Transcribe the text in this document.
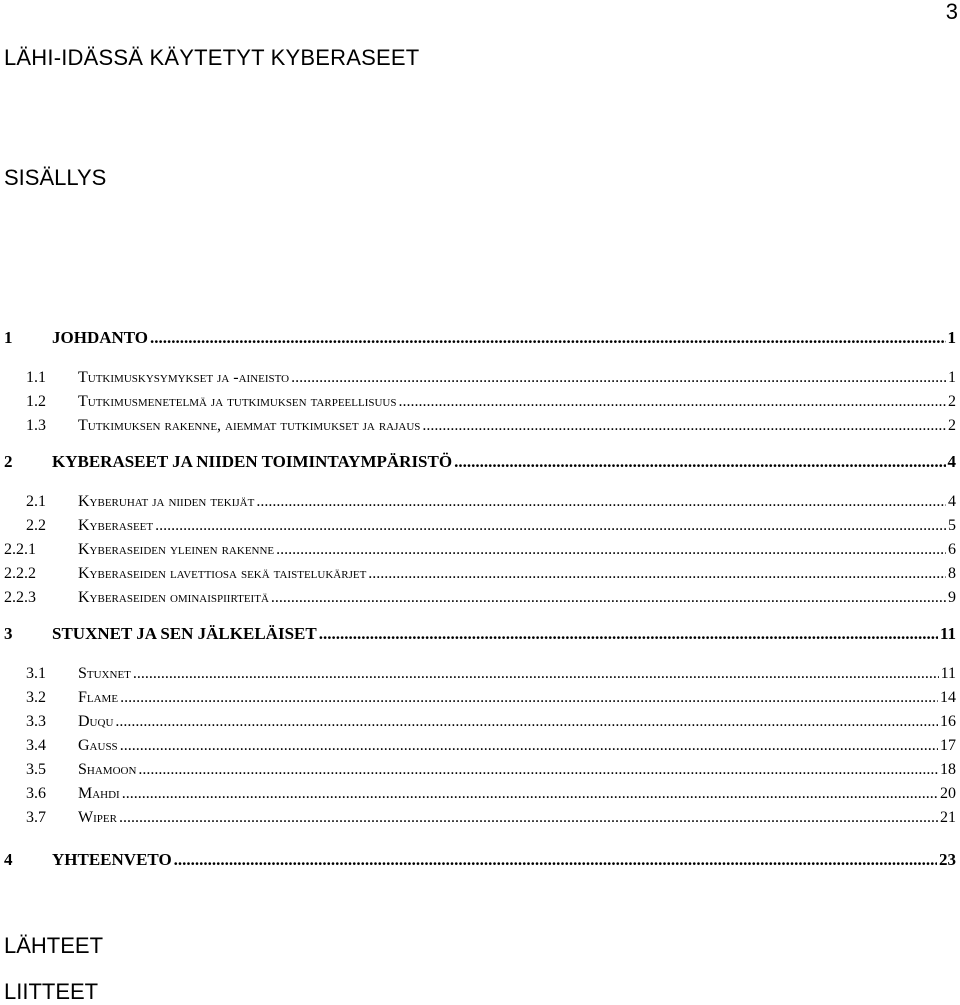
3
LÄHI-IDÄSSÄ KÄYTETYT KYBERASEET
SISÄLLYS
1 JOHDANTO .....	1
1.1 Tutkimuskysymykset ja -aineisto .....	1
1.2 Tutkimusmenetelmä ja tutkimuksen tarpeellisuus .....	2
1.3 Tutkimuksen rakenne, aiemmat tutkimukset ja rajaus .....	2
2 KYBERASEET JA NIIDEN TOIMINTAYMPÄRISTÖ .....	4
2.1 Kyberuhat ja niiden tekijät .....	4
2.2 Kyberaseet .....	5
2.2.1	Kyberaseiden yleinen rakenne .....	6
2.2.2	Kyberaseiden lavettiosa sekä taistelukärjet .....	8
2.2.3	Kyberaseiden ominaispiirteitä .....	9
3 STUXNET JA SEN JÄLKELÄISET .....	11
3.1 Stuxnet .....	11
3.2 Flame .....	14
3.3 Duqu .....	16
3.4 Gauss .....	17
3.5 Shamoon .....	18
3.6 Mahdi .....	20
3.7 Wiper .....	21
4 YHTEENVETO .....	23
LÄHTEET
LIITTEET
